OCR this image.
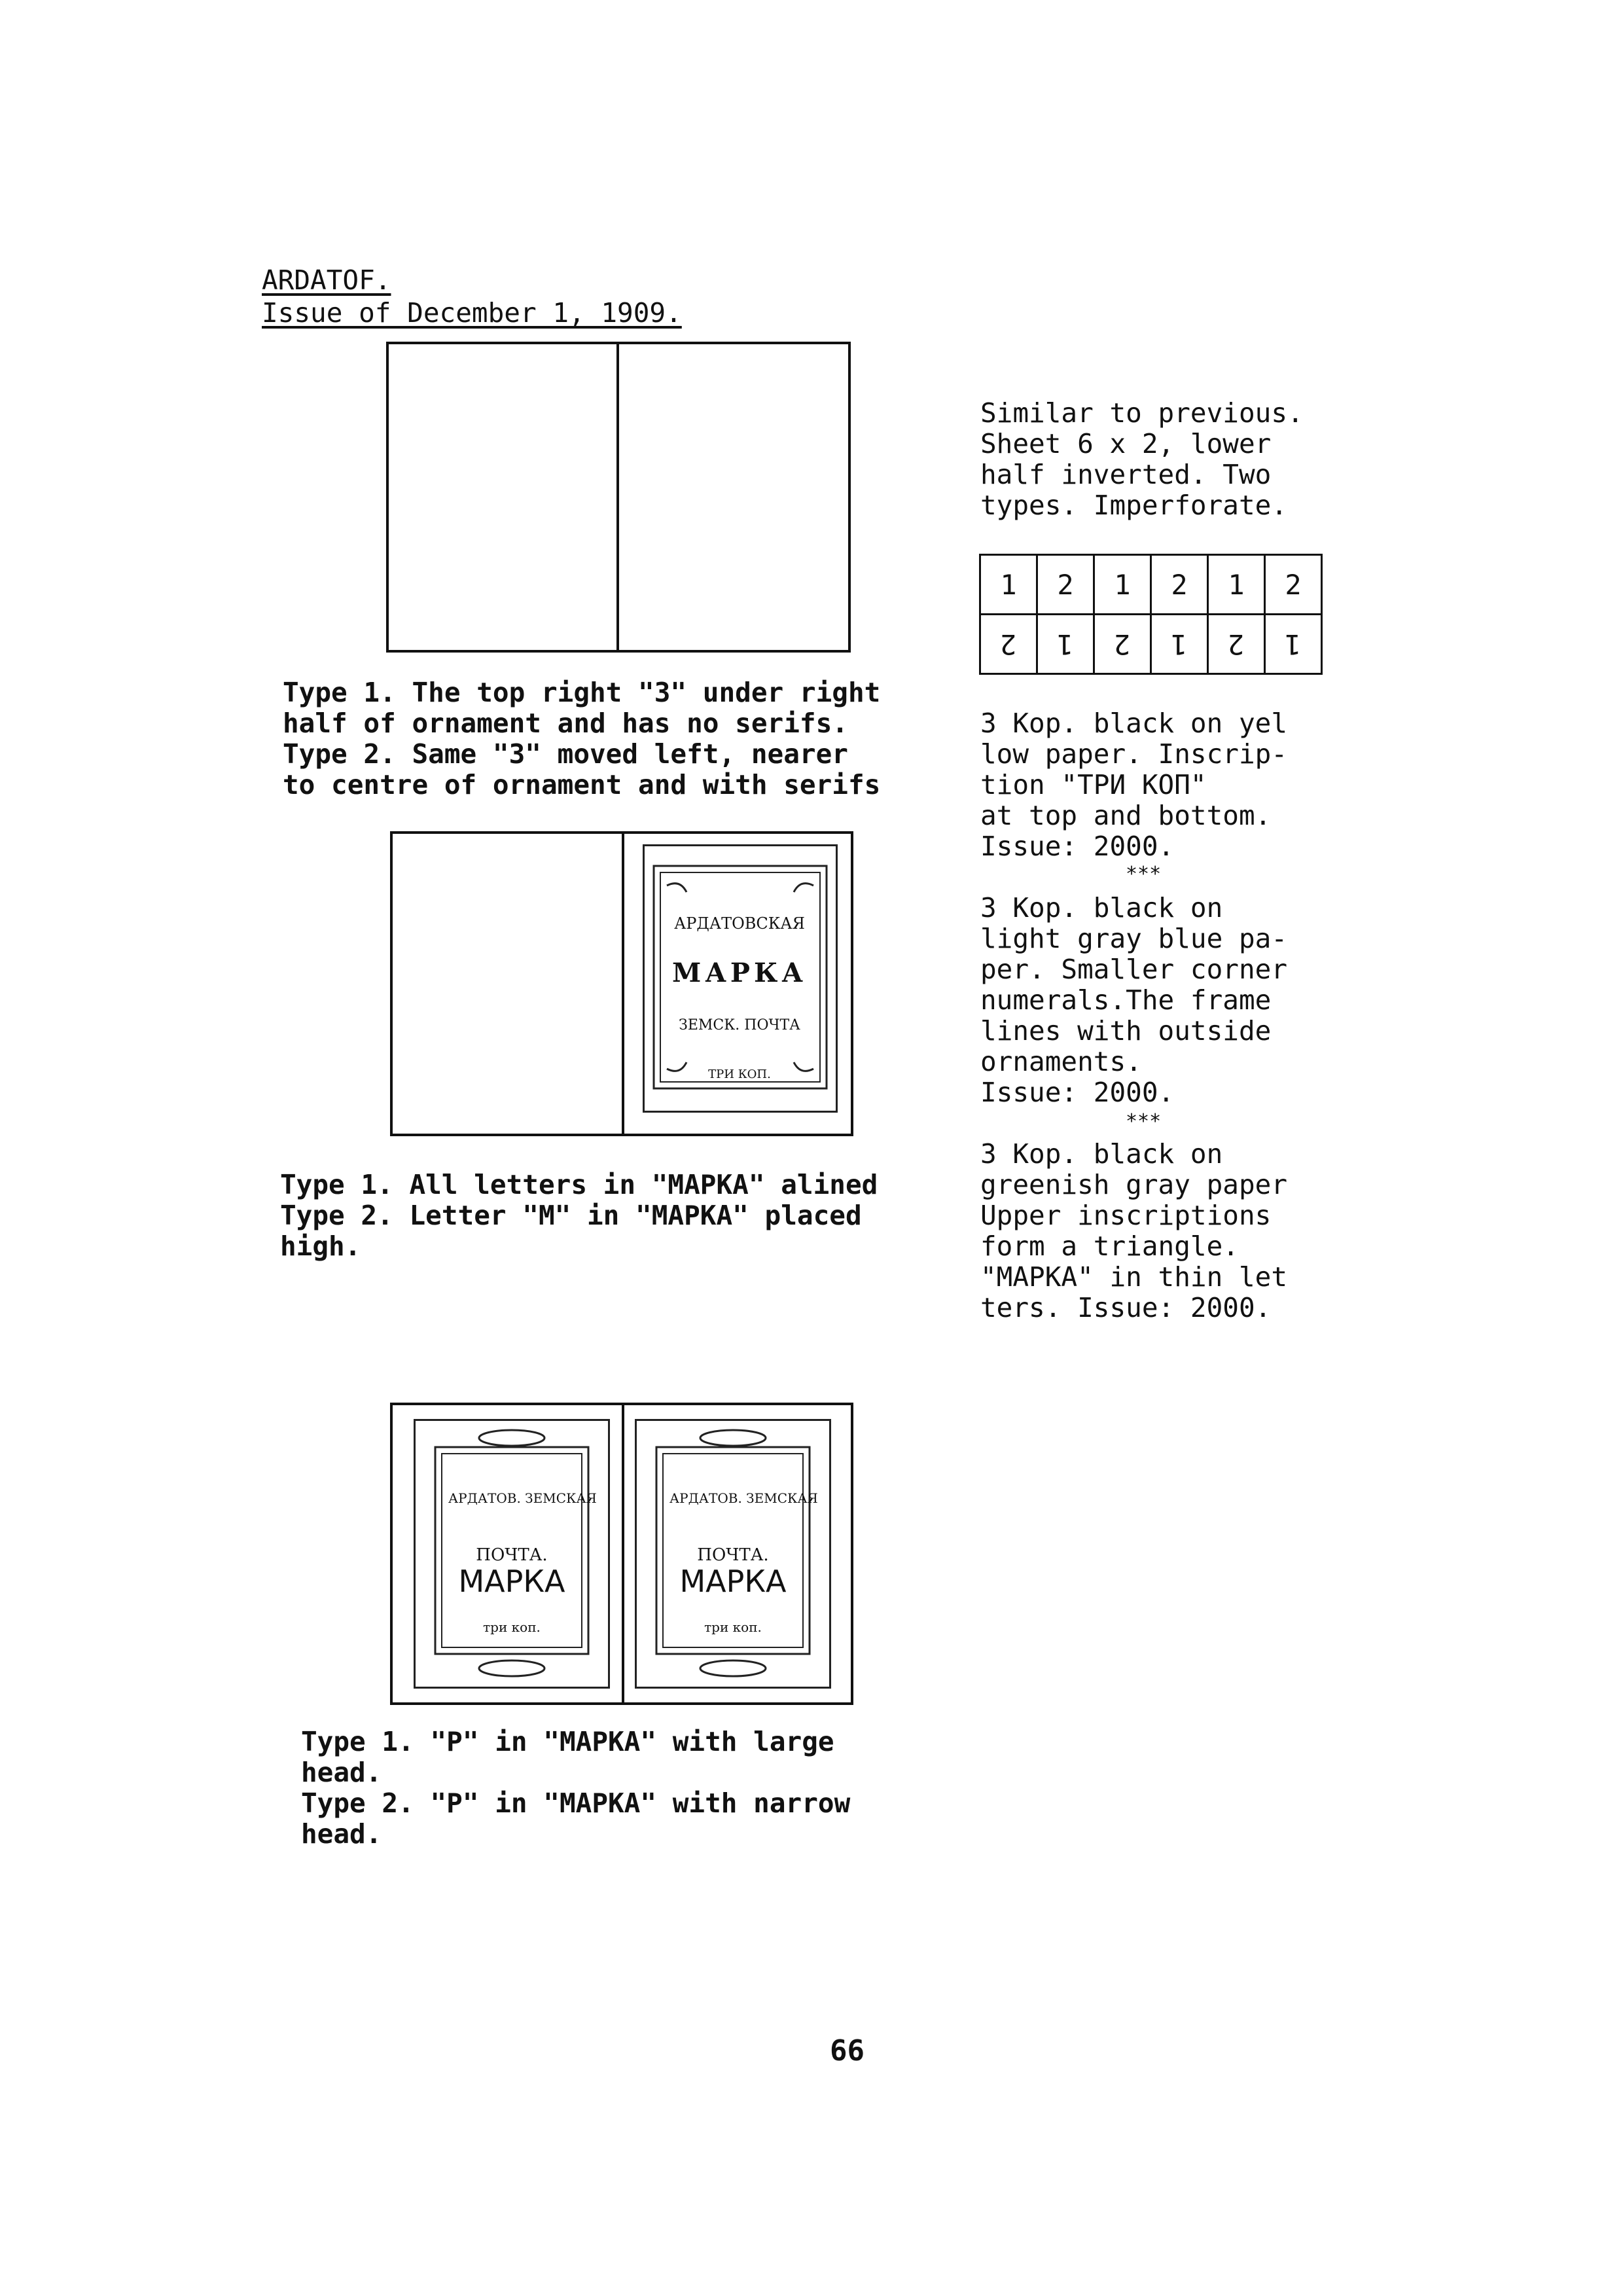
ARDATOF.
Issue of December 1, 1909.
Similar to previous.
Sheet 6 x 2, lower
half inverted. Two
types. Imperforate.
1	2	1	2	1	2
2	1	2	1	2	1
Type 1. The top right "3" under right
half of ornament and has no serifs.
Type 2. Same "3" moved left, nearer
to centre of ornament and with serifs
3 Kop. black on yel
low paper. Inscrip-
tion "ТРИ КОП"
at top and bottom.
Issue: 2000.
***
АРДАТОВСКАЯ
МАРКА
ЗЕМСК. ПОЧТА
ТРИ КОП.
3 Kop. black on
light gray blue pa-
per. Smaller corner
numerals.The frame
lines with outside
ornaments.
Issue: 2000.
***
3 Kop. black on
greenish gray paper
Upper inscriptions
form a triangle.
"MAPKA" in thin let
ters. Issue: 2000.
Type 1. All letters in "MAPKA" alined
Type 2. Letter "M" in "MAPKA" placed
high.
АРДАТОВ. ЗЕМСКАЯ
ПОЧТА.
МАРКА
три коп.
АРДАТОВ. ЗЕМСКАЯ
ПОЧТА.
МАРКА
три коп.
Type 1. "P" in "MAPKA" with large
head.
Type 2. "P" in "MAPKA" with narrow
head.
66
